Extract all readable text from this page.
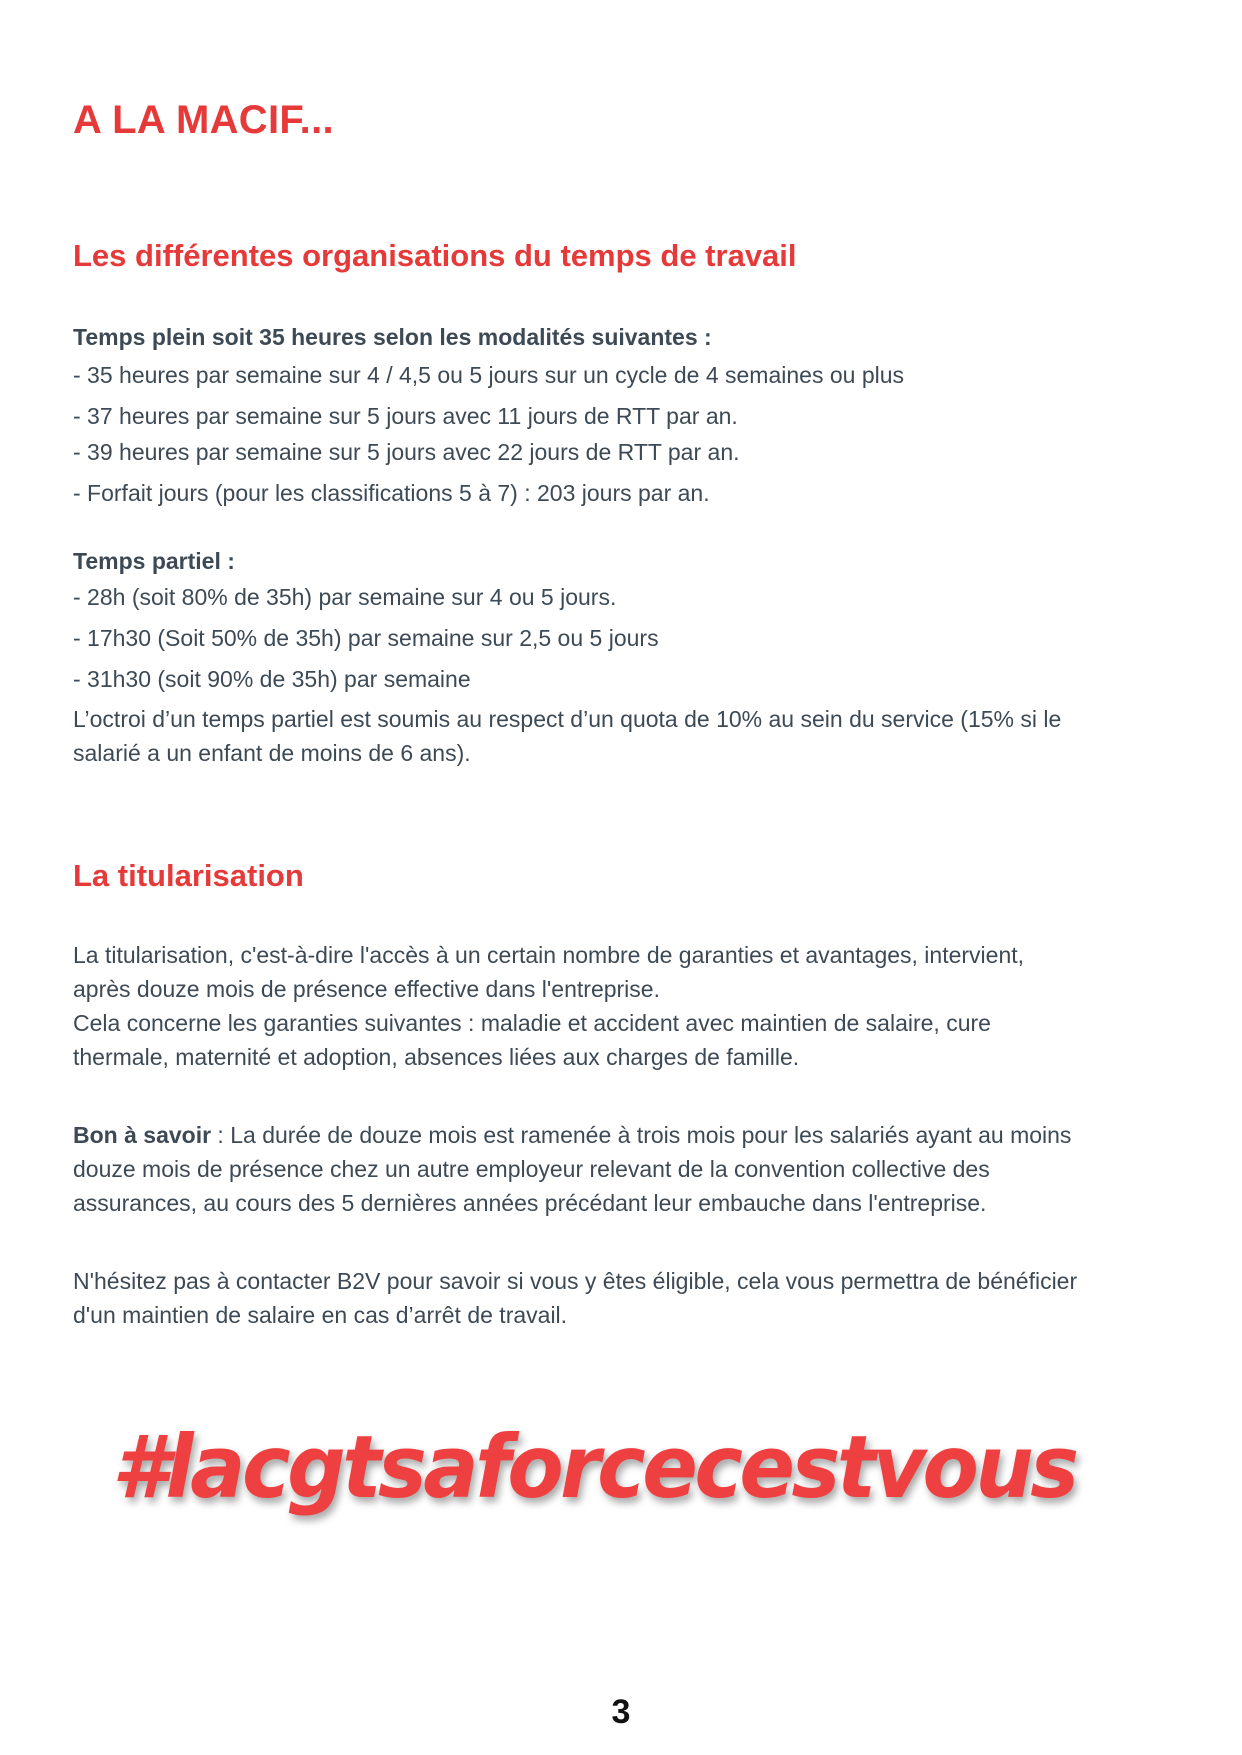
A LA MACIF...
Les différentes organisations du temps de travail

Temps plein soit 35 heures selon les modalités suivantes :

- 35 heures par semaine sur 4 / 4,5 ou 5 jours sur un cycle de 4 semaines ou plus

- 37 heures par semaine sur 5 jours avec 11 jours de RTT par an.

- 39 heures par semaine sur 5 jours avec 22 jours de RTT par an.

- Forfait jours (pour les classifications 5 à 7) : 203 jours par an.

Temps partiel :

- 28h (soit 80% de 35h) par semaine sur 4 ou 5 jours.

- 17h30 (Soit 50% de 35h) par semaine sur 2,5 ou 5 jours

- 31h30 (soit 90% de 35h) par semaine

L’octroi d’un temps partiel est soumis au respect d’un quota de 10% au sein du service (15% si le

salarié a un enfant de moins de 6 ans).

La titularisation
La titularisation, c'est-à-dire l'accès à un certain nombre de garanties et avantages, intervient,
après douze mois de présence effective dans l'entreprise.
Cela concerne les garanties suivantes : maladie et accident avec maintien de salaire, cure
thermale, maternité et adoption, absences liées aux charges de famille.
Bon à savoir : La durée de douze mois est ramenée à trois mois pour les salariés ayant au moins
douze mois de présence chez un autre employeur relevant de la convention collective des
assurances, au cours des 5 dernières années précédant leur embauche dans l'entreprise.
N'hésitez pas à contacter B2V pour savoir si vous y êtes éligible, cela vous permettra de bénéficier
d'un maintien de salaire en cas d’arrêt de travail.

#lacgtsaforcecestvous

3
